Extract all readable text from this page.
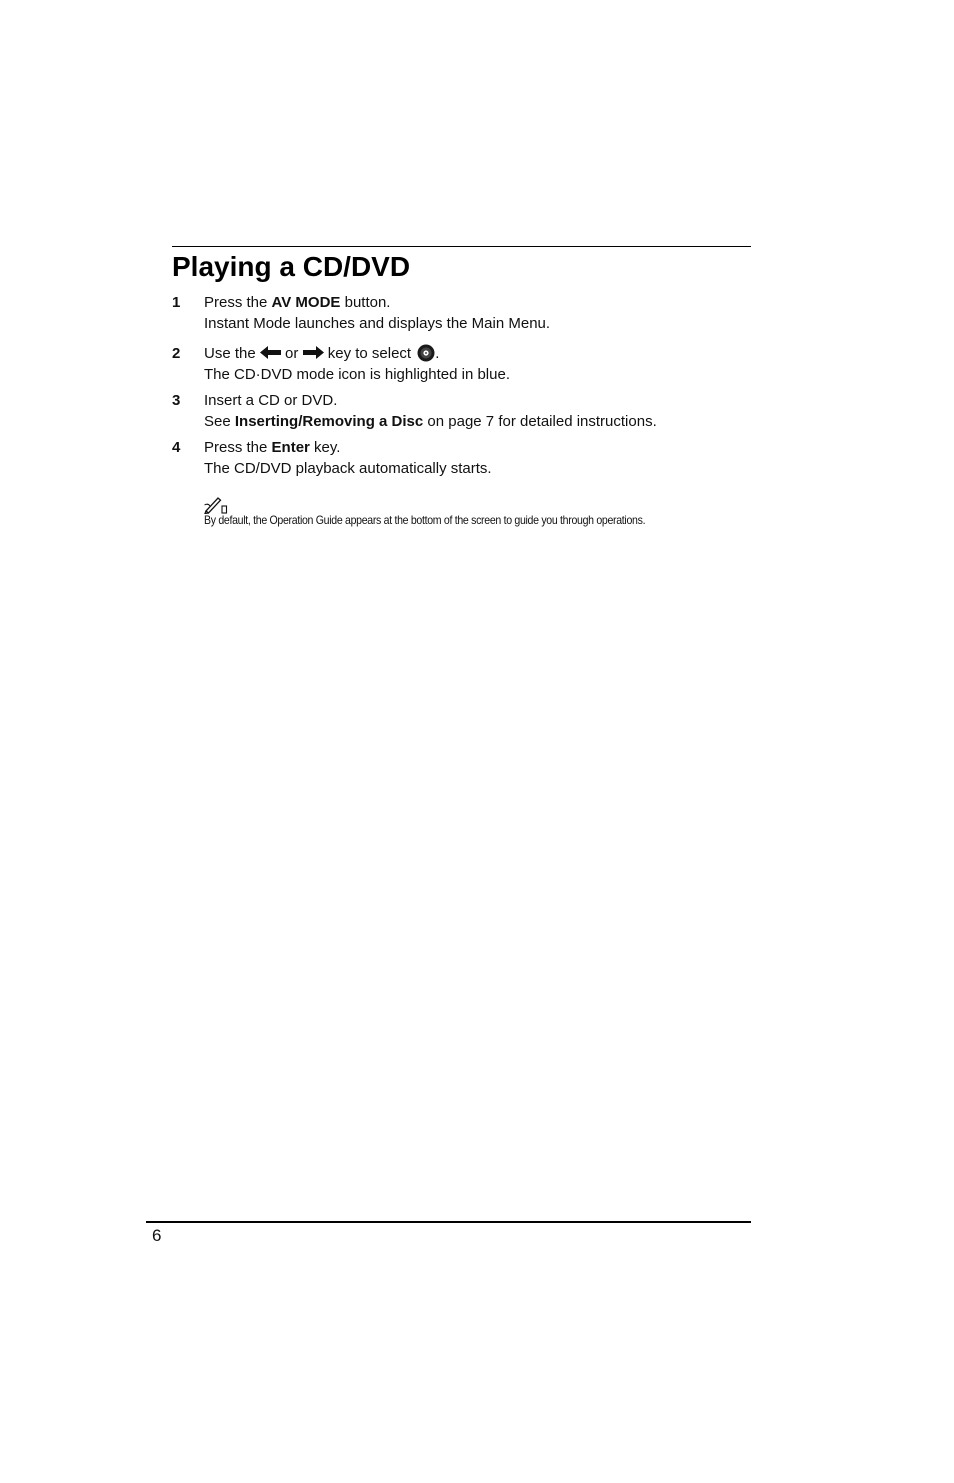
Playing a CD/DVD
1 Press the AV MODE button.
Instant Mode launches and displays the Main Menu.
2 Use the  or  key to select .
The CD·DVD mode icon is highlighted in blue.
3 Insert a CD or DVD.
See Inserting/Removing a Disc on page 7 for detailed instructions.
4 Press the Enter key.
The CD/DVD playback automatically starts.
By default, the Operation Guide appears at the bottom of the screen to guide you through operations.
6
